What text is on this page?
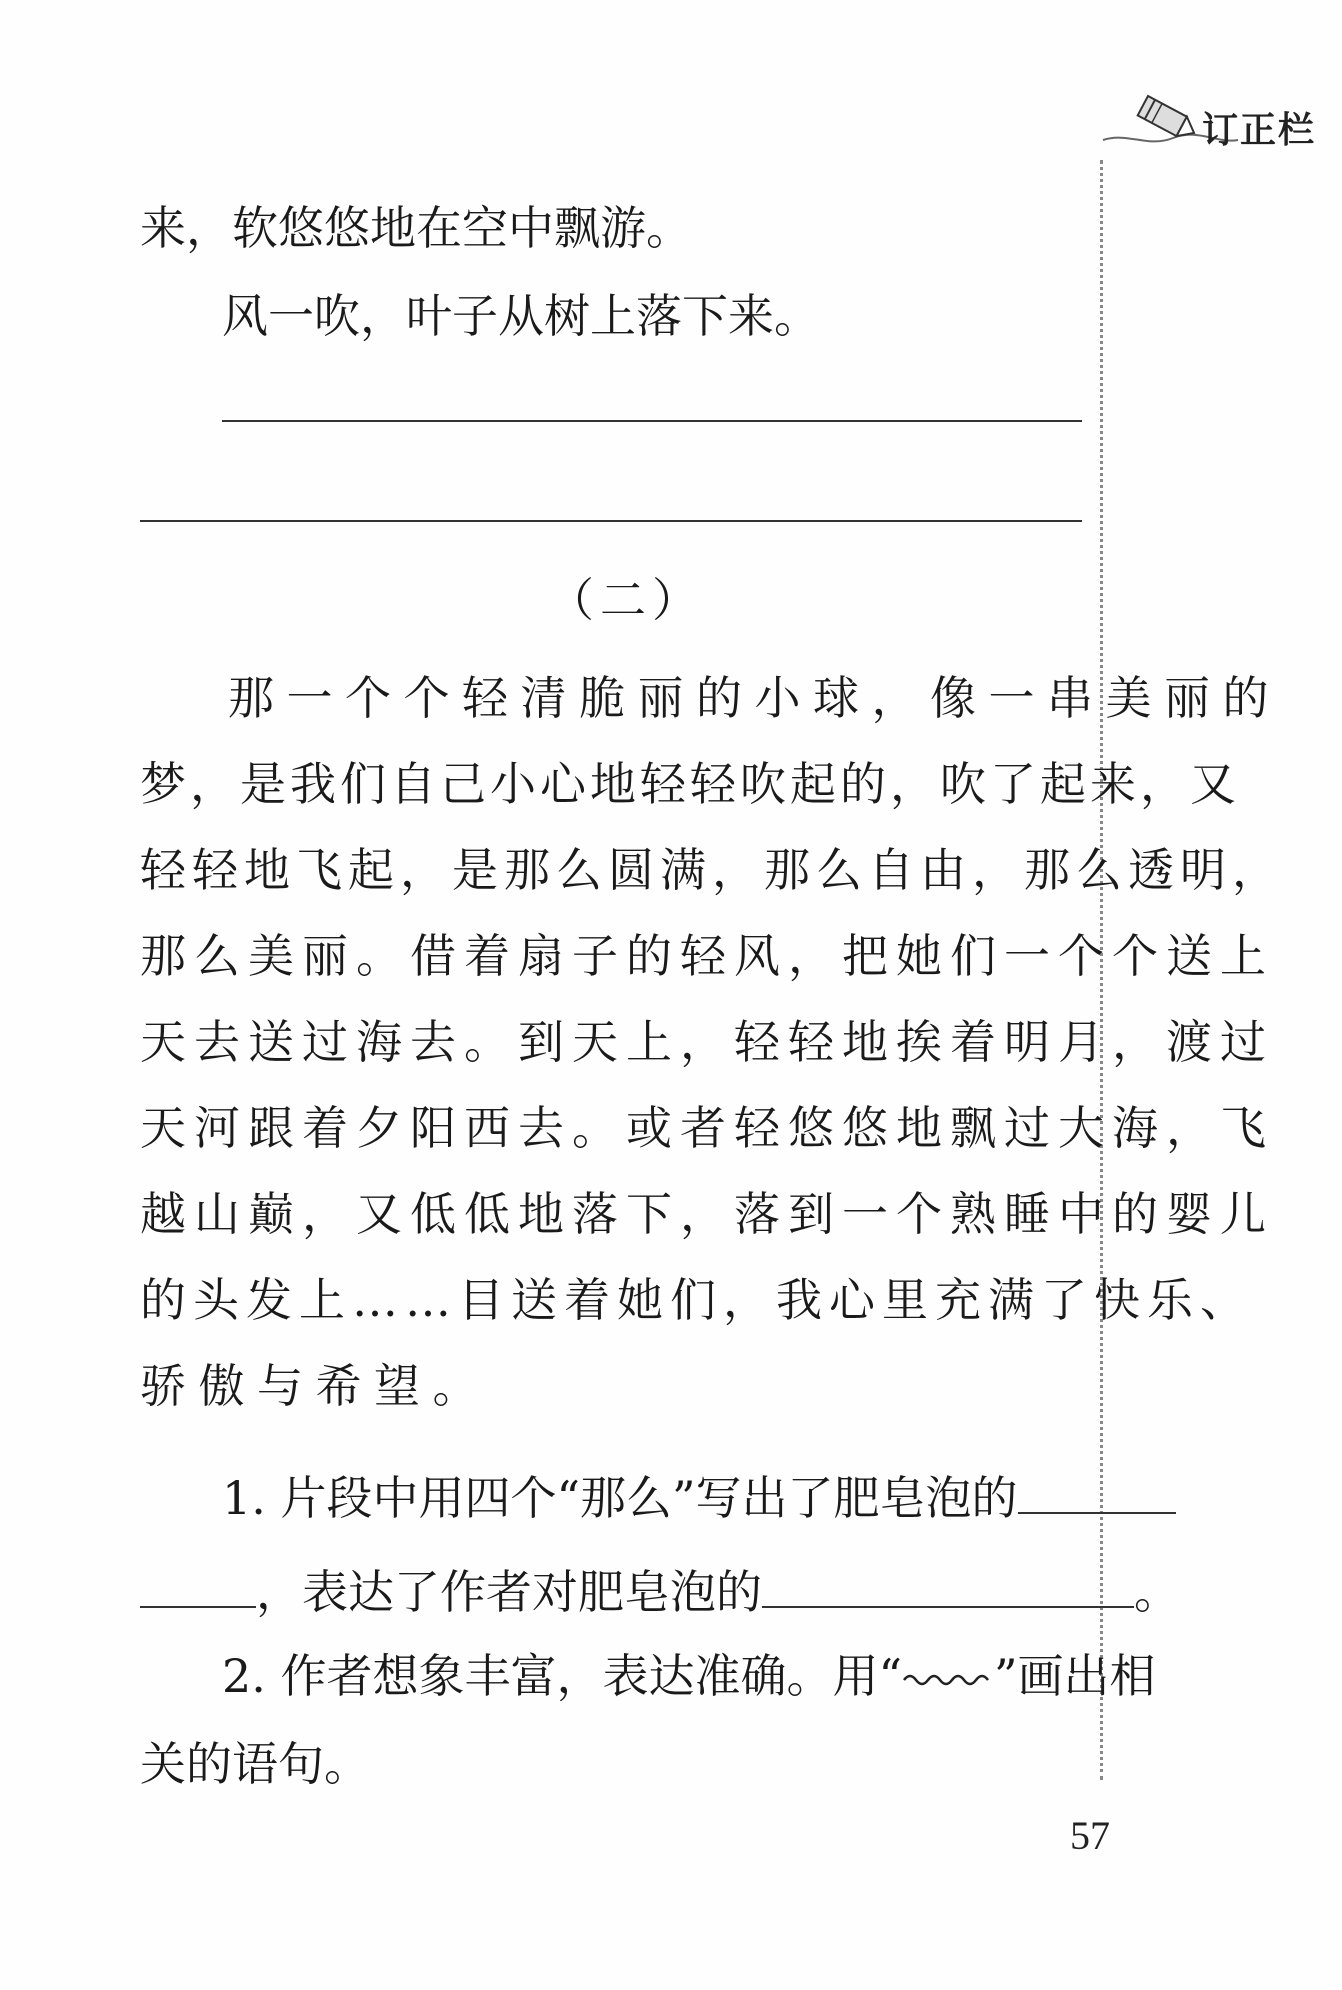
订正栏
来，软悠悠地在空中飘游。
风一吹，叶子从树上落下来。
（二）
那一个个轻清脆丽的小球，像一串美丽的
梦，是我们自己小心地轻轻吹起的，吹了起来，又
轻轻地飞起，是那么圆满，那么自由，那么透明，
那么美丽。借着扇子的轻风，把她们一个个送上
天去送过海去。到天上，轻轻地挨着明月，渡过
天河跟着夕阳西去。或者轻悠悠地飘过大海，飞
越山巅，又低低地落下，落到一个熟睡中的婴儿
的头发上……目送着她们，我心里充满了快乐、
骄傲与希望。
1. 片段中用四个“那么”写出了肥皂泡的
，表达了作者对肥皂泡的	。
2. 作者想象丰富，表达准确。用“ ”画出相
关的语句。
57
